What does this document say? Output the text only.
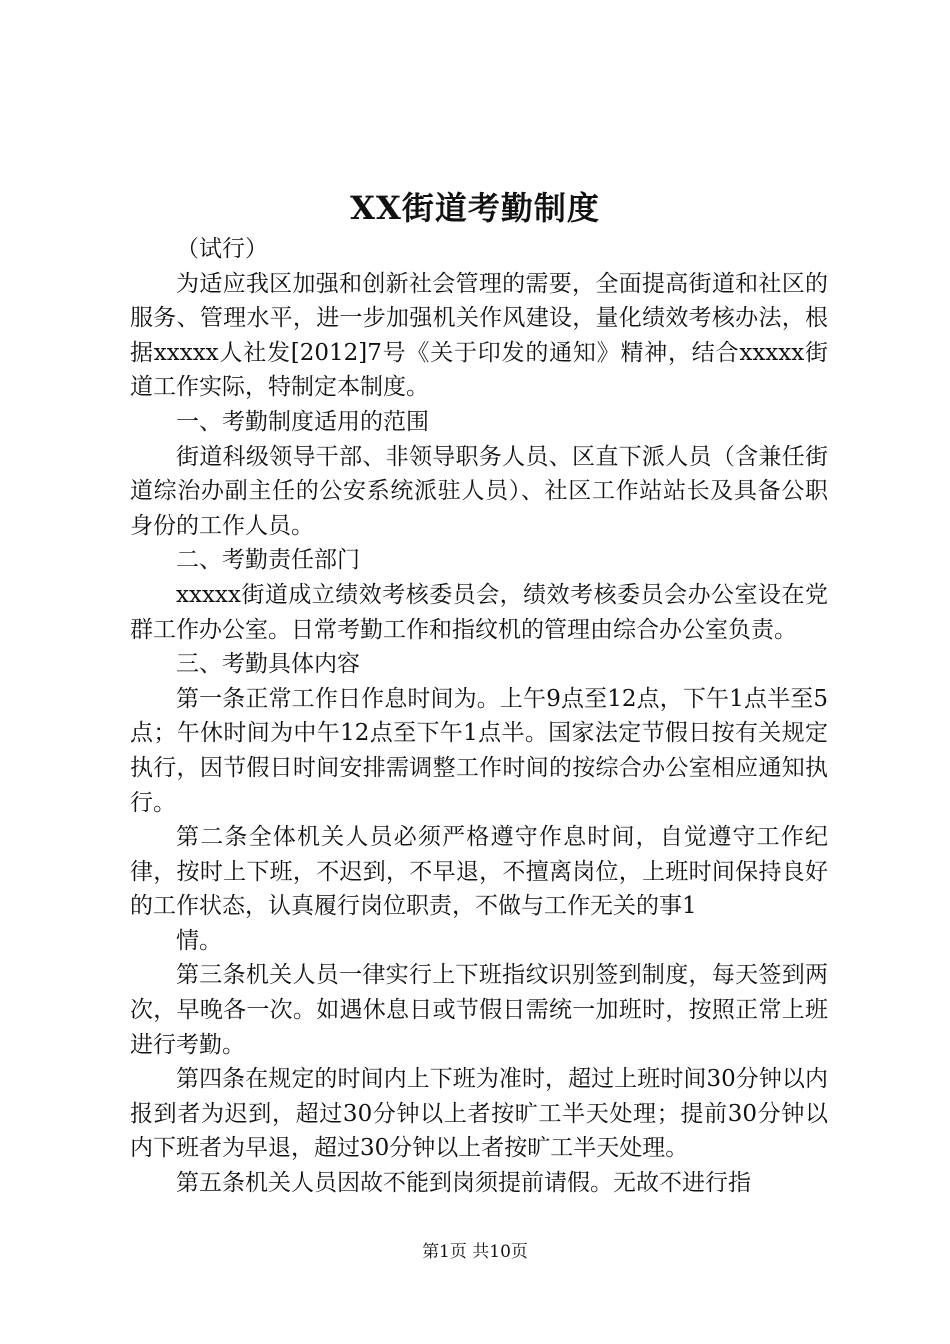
XX街道考勤制度

（试行）

为适应我区加强和创新社会管理的需要，全面提高街道和社区的服务、管理水平，进一步加强机关作风建设，量化绩效考核办法，根据xxxxx人社发[2012]7号《关于印发的通知》精神，结合xxxxx街道工作实际，特制定本制度。

一、考勤制度适用的范围

街道科级领导干部、非领导职务人员、区直下派人员（含兼任街道综治办副主任的公安系统派驻人员）、社区工作站站长及具备公职身份的工作人员。

二、考勤责任部门

xxxxx街道成立绩效考核委员会，绩效考核委员会办公室设在党群工作办公室。日常考勤工作和指纹机的管理由综合办公室负责。

三、考勤具体内容

第一条正常工作日作息时间为。上午9点至12点，下午1点半至5点；午休时间为中午12点至下午1点半。国家法定节假日按有关规定执行，因节假日时间安排需调整工作时间的按综合办公室相应通知执行。

第二条全体机关人员必须严格遵守作息时间，自觉遵守工作纪律，按时上下班，不迟到，不早退，不擅离岗位，上班时间保持良好的工作状态，认真履行岗位职责，不做与工作无关的事1

情。

第三条机关人员一律实行上下班指纹识别签到制度，每天签到两次，早晚各一次。如遇休息日或节假日需统一加班时，按照正常上班进行考勤。

第四条在规定的时间内上下班为准时，超过上班时间30分钟以内报到者为迟到，超过30分钟以上者按旷工半天处理；提前30分钟以内下班者为早退，超过30分钟以上者按旷工半天处理。

第五条机关人员因故不能到岗须提前请假。无故不进行指

第1页 共10页
